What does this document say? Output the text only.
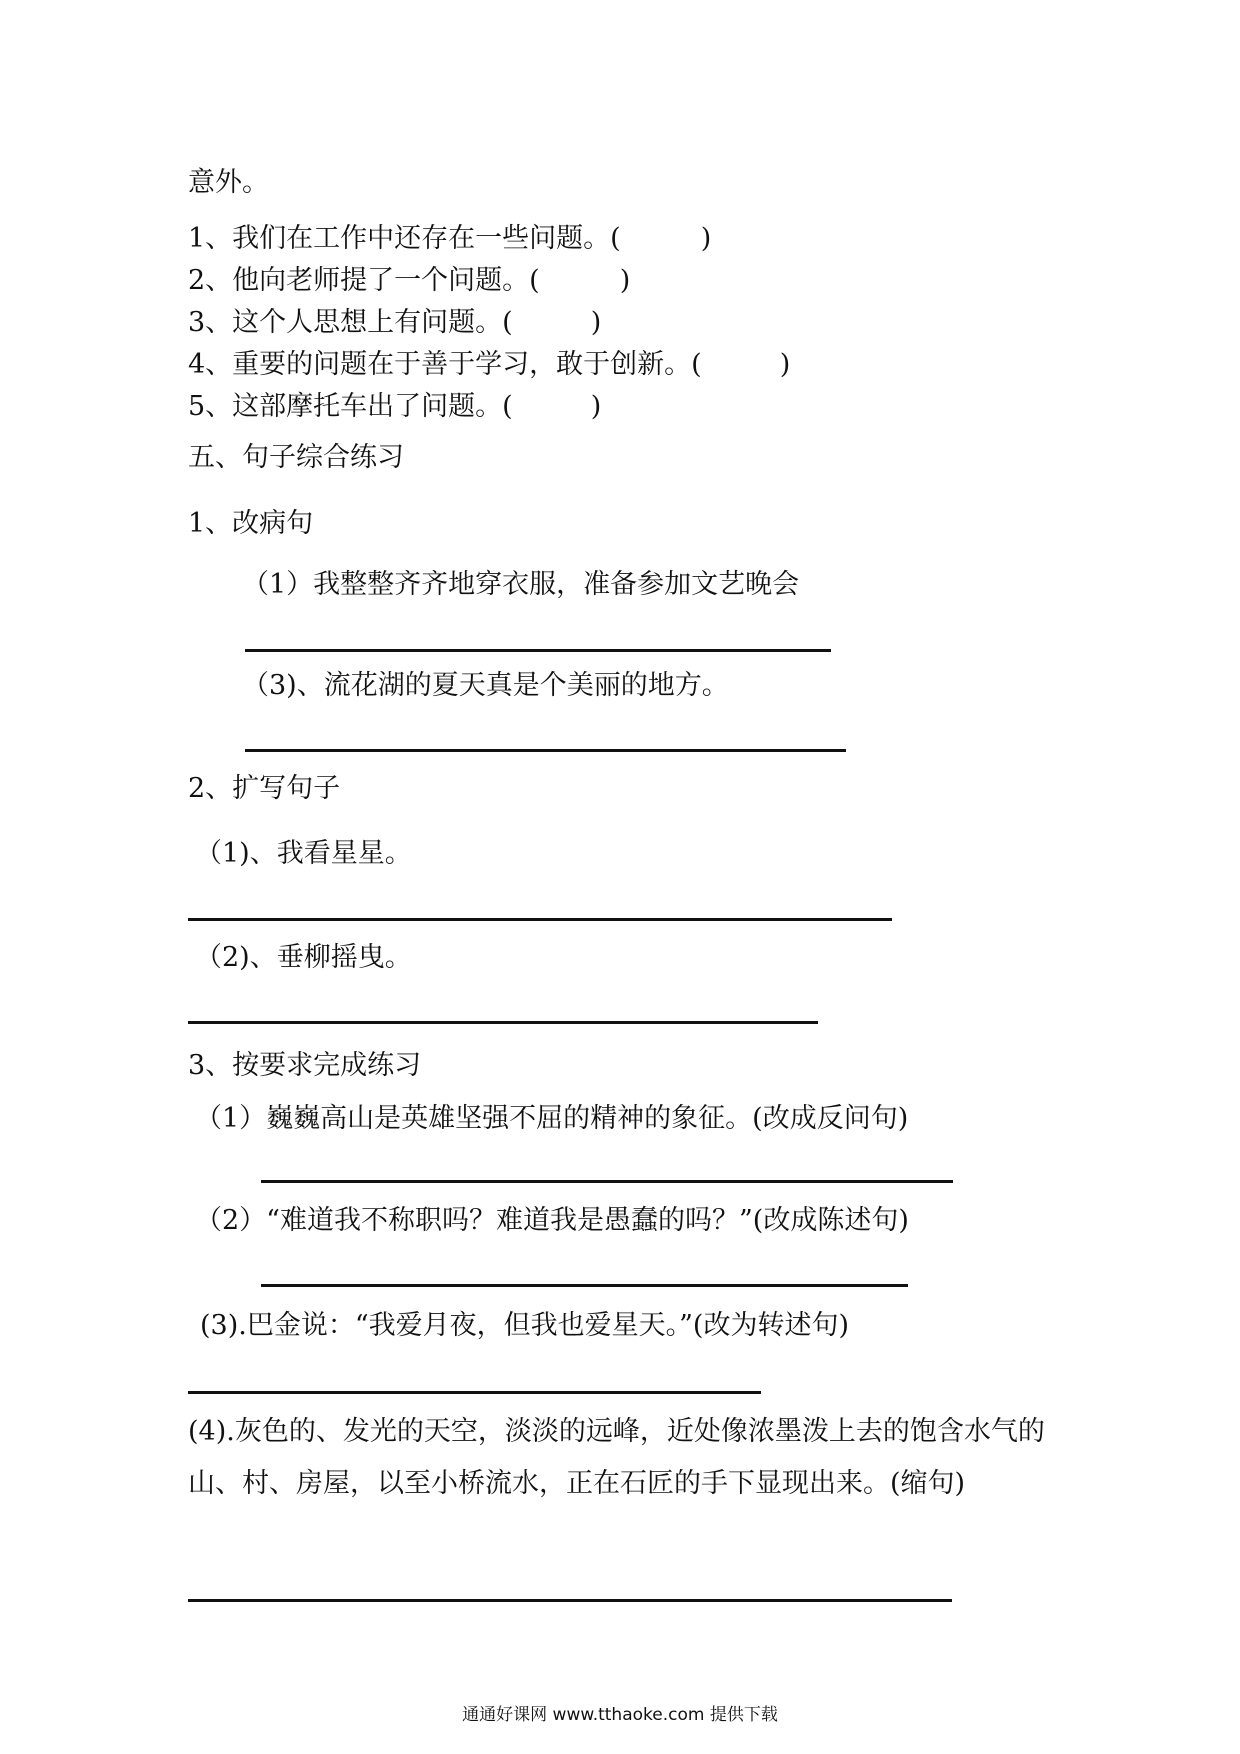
意外。

1、我们在工作中还存在一些问题。(	)

2、他向老师提了一个问题。(	)

3、这个人思想上有问题。(	)

4、重要的问题在于善于学习，敢于创新。(	)

5、这部摩托车出了问题。(	)

五、句子综合练习

1、改病句

（1）我整整齐齐地穿衣服，准备参加文艺晚会

（3)、流花湖的夏天真是个美丽的地方。

2、扩写句子

（1)、我看星星。

（2)、垂柳摇曳。

3、按要求完成练习

（1）巍巍高山是英雄坚强不屈的精神的象征。(改成反问句)

（2）“难道我不称职吗？难道我是愚蠢的吗？”(改成陈述句)

(3).巴金说：“我爱月夜，但我也爱星天。”(改为转述句)

(4).灰色的、发光的天空，淡淡的远峰，近处像浓墨泼上去的饱含水气的山、村、房屋，以至小桥流水，正在石匠的手下显现出来。(缩句)

通通好课网 www.tthaoke.com 提供下载
